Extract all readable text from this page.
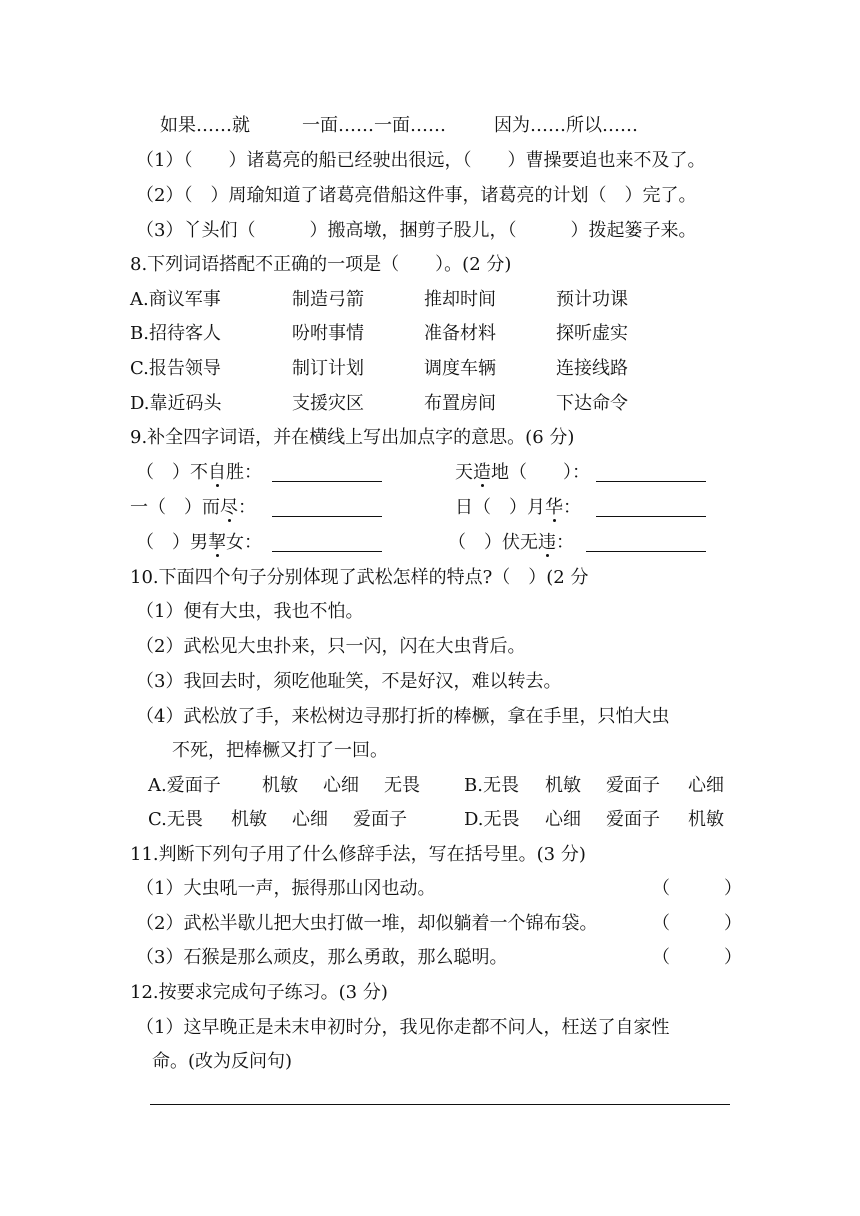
如果……就	一面……一面……	因为……所以……
（1）（　　）诸葛亮的船已经驶出很远，（　　）曹操要追也来不及了。
（2）（　）周瑜知道了诸葛亮借船这件事，诸葛亮的计划（　）完了。
（3）丫头们（　　　）搬高墩，捆剪子股儿，（　　　）拨起篓子来。
8.下列词语搭配不正确的一项是（　　）。(2 分)
A.商议军事	制造弓箭	推却时间	预计功课
B.招待客人	吩咐事情	准备材料	探听虚实
C.报告领导	制订计划	调度车辆	连接线路
D.靠近码头	支援灾区	布置房间	下达命令
9.补全四字词语，并在横线上写出加点字的意思。(6 分)
（　）不自胜：	天造地（　　）：
一（　）而尽：	日（　）月华：
（　）男挈女：	（　）伏无违：
10.下面四个句子分别体现了武松怎样的特点?（　）(2 分
（1）便有大虫，我也不怕。
（2）武松见大虫扑来，只一闪，闪在大虫背后。
（3）我回去时，须吃他耻笑，不是好汉，难以转去。
（4）武松放了手，来松树边寻那打折的棒橛，拿在手里，只怕大虫
不死，把棒橛又打了一回。
A.爱面子 机敏 心细 无畏 B.无畏 机敏 爱面子 心细
C.无畏 机敏 心细 爱面子	D.无畏 心细 爱面子 机敏
11.判断下列句子用了什么修辞手法，写在括号里。(3 分)
（1）大虫吼一声，振得那山冈也动。	（　　　）
（2）武松半歇儿把大虫打做一堆，却似躺着一个锦布袋。	（　　　）
（3）石猴是那么顽皮，那么勇敢，那么聪明。	（　　　）
12.按要求完成句子练习。(3 分)
（1）这早晚正是未末申初时分，我见你走都不问人，枉送了自家性
命。(改为反问句)
